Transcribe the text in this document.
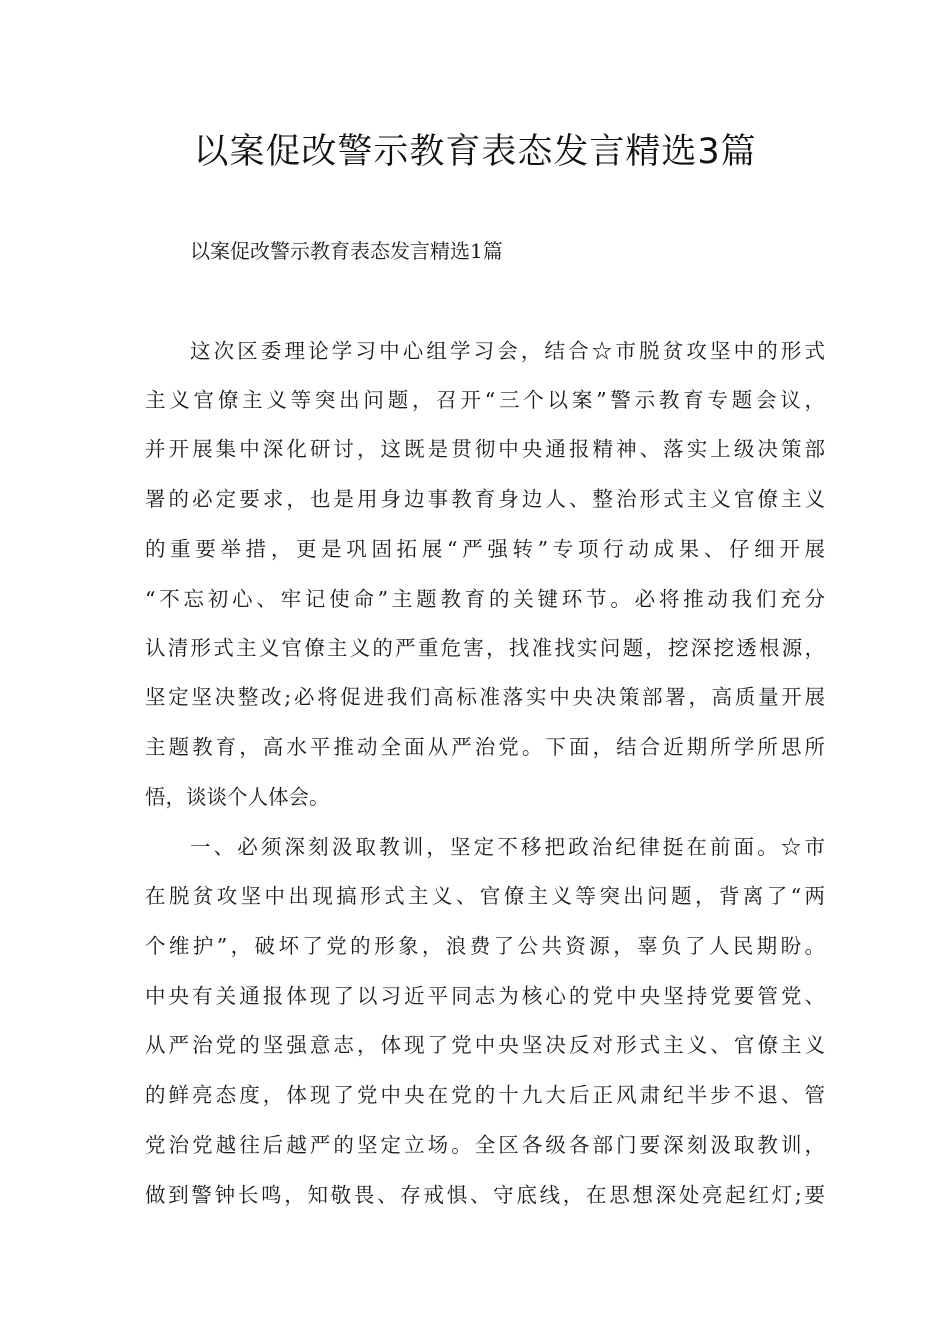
以案促改警示教育表态发言精选3篇
以案促改警示教育表态发言精选1篇
这次区委理论学习中心组学习会，结合☆市脱贫攻坚中的形式
主义官僚主义等突出问题，召开“三个以案”警示教育专题会议，
并开展集中深化研讨，这既是贯彻中央通报精神、落实上级决策部
署的必定要求，也是用身边事教育身边人、整治形式主义官僚主义
的重要举措，更是巩固拓展“严强转”专项行动成果、仔细开展
“不忘初心、牢记使命”主题教育的关键环节。必将推动我们充分
认清形式主义官僚主义的严重危害，找准找实问题，挖深挖透根源，
坚定坚决整改;必将促进我们高标准落实中央决策部署，高质量开展
主题教育，高水平推动全面从严治党。下面，结合近期所学所思所
悟，谈谈个人体会。
一、必须深刻汲取教训，坚定不移把政治纪律挺在前面。☆市
在脱贫攻坚中出现搞形式主义、官僚主义等突出问题，背离了“两
个维护”，破坏了党的形象，浪费了公共资源，辜负了人民期盼。
中央有关通报体现了以习近平同志为核心的党中央坚持党要管党、
从严治党的坚强意志，体现了党中央坚决反对形式主义、官僚主义
的鲜亮态度，体现了党中央在党的十九大后正风肃纪半步不退、管
党治党越往后越严的坚定立场。全区各级各部门要深刻汲取教训，
做到警钟长鸣，知敬畏、存戒惧、守底线，在思想深处亮起红灯;要
